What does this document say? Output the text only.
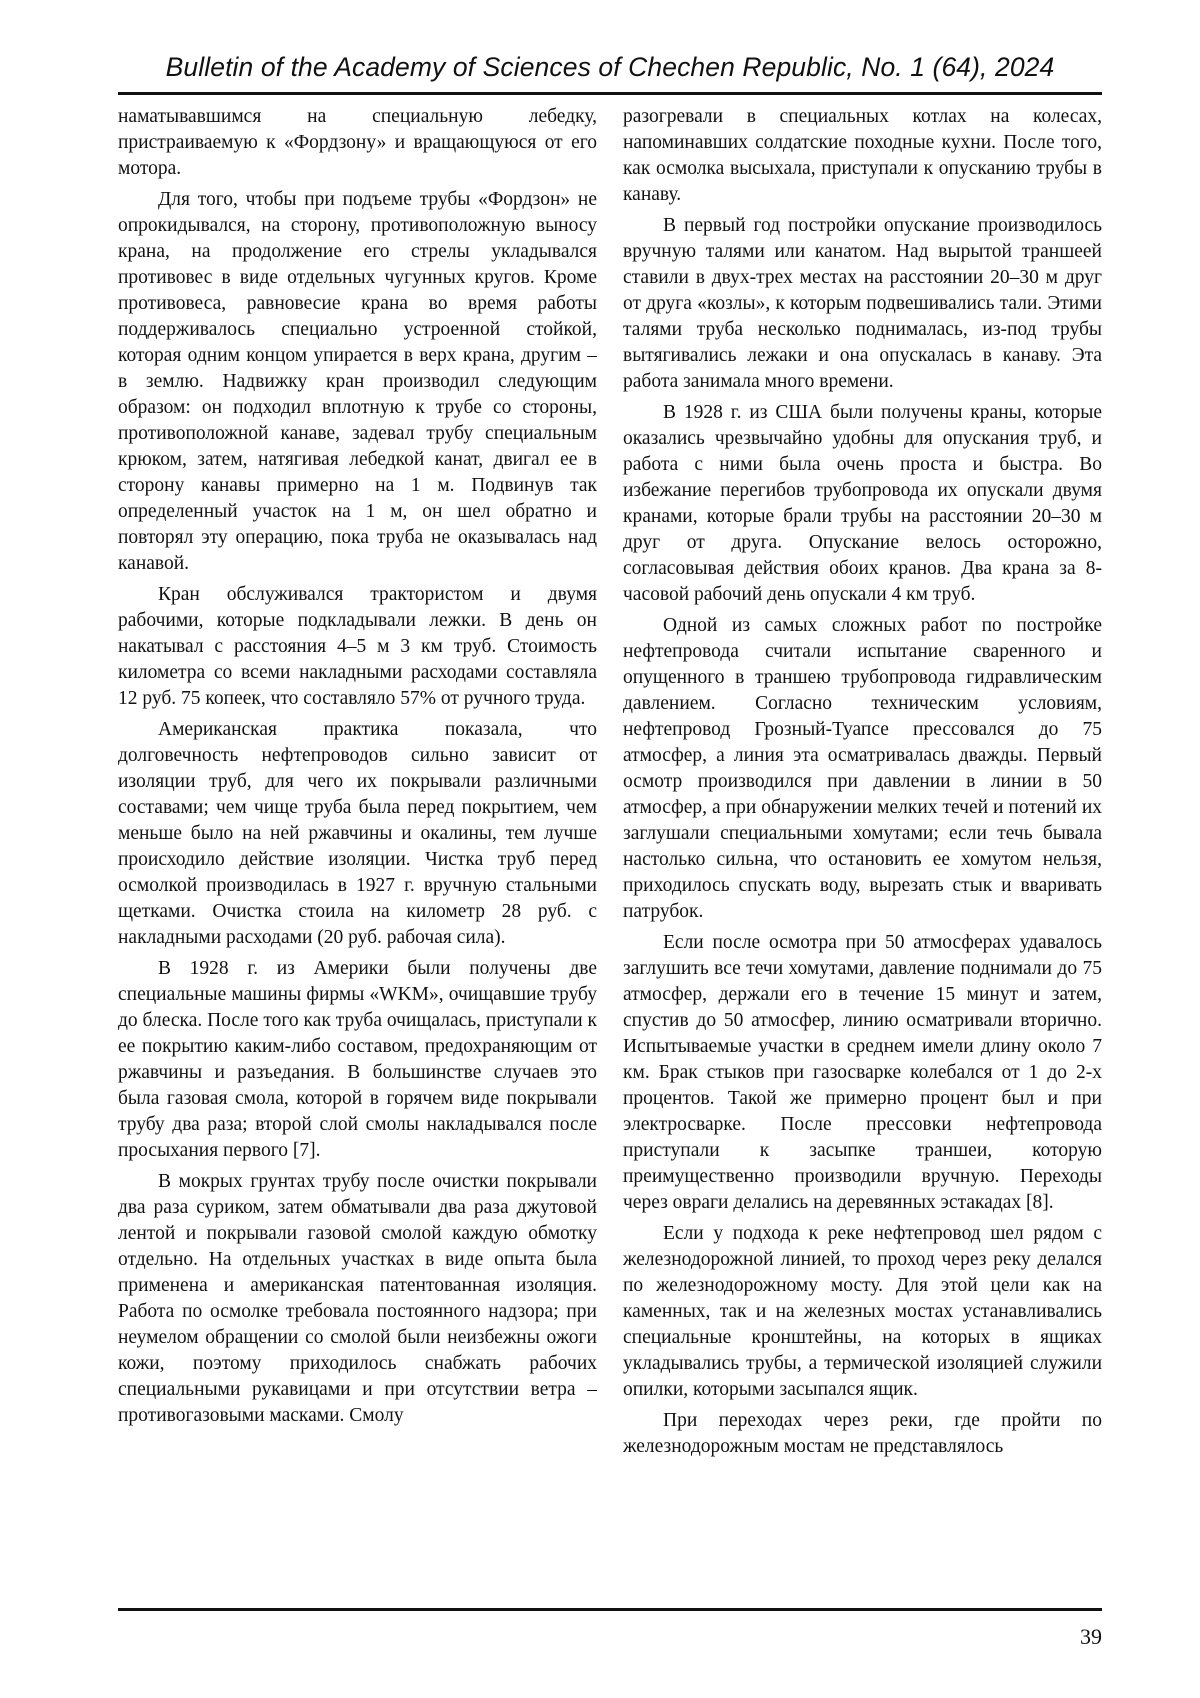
Bulletin of the Academy of Sciences of Chechen Republic, No. 1 (64), 2024

наматывавшимся на специальную лебедку, пристраиваемую к «Фордзону» и вращающуюся от его мотора.

Для того, чтобы при подъеме трубы «Фордзон» не опрокидывался, на сторону, противоположную выносу крана, на продолжение его стрелы укладывался противовес в виде отдельных чугунных кругов. Кроме противовеса, равновесие крана во время работы поддерживалось специально устроенной стойкой, которая одним концом упирается в верх крана, другим – в землю. Надвижку кран производил следующим образом: он подходил вплотную к трубе со стороны, противоположной канаве, задевал трубу специальным крюком, затем, натягивая лебедкой канат, двигал ее в сторону канавы примерно на 1 м. Подвинув так определенный участок на 1 м, он шел обратно и повторял эту операцию, пока труба не оказывалась над канавой.

Кран обслуживался трактористом и двумя рабочими, которые подкладывали лежки. В день он накатывал с расстояния 4–5 м 3 км труб. Стоимость километра со всеми накладными расходами составляла 12 руб. 75 копеек, что составляло 57% от ручного труда.

Американская практика показала, что долговечность нефтепроводов сильно зависит от изоляции труб, для чего их покрывали различными составами; чем чище труба была перед покрытием, чем меньше было на ней ржавчины и окалины, тем лучше происходило действие изоляции. Чистка труб перед осмолкой производилась в 1927 г. вручную стальными щетками. Очистка стоила на километр 28 руб. с накладными расходами (20 руб. рабочая сила).

В 1928 г. из Америки были получены две специальные машины фирмы «WKM», очищавшие трубу до блеска. После того как труба очищалась, приступали к ее покрытию каким-либо составом, предохраняющим от ржавчины и разъедания. В большинстве случаев это была газовая смола, которой в горячем виде покрывали трубу два раза; второй слой смолы накладывался после просыхания первого [7].

В мокрых грунтах трубу после очистки покрывали два раза суриком, затем обматывали два раза джутовой лентой и покрывали газовой смолой каждую обмотку отдельно. На отдельных участках в виде опыта была применена и американская патентованная изоляция. Работа по осмолке требовала постоянного надзора; при неумелом обращении со смолой были неизбежны ожоги кожи, поэтому приходилось снабжать рабочих специальными рукавицами и при отсутствии ветра – противогазовыми масками. Смолу

разогревали в специальных котлах на колесах, напоминавших солдатские походные кухни. После того, как осмолка высыхала, приступали к опусканию трубы в канаву.

В первый год постройки опускание производилось вручную талями или канатом. Над вырытой траншеей ставили в двух-трех местах на расстоянии 20–30 м друг от друга «козлы», к которым подвешивались тали. Этими талями труба несколько поднималась, из-под трубы вытягивались лежаки и она опускалась в канаву. Эта работа занимала много времени.

В 1928 г. из США были получены краны, которые оказались чрезвычайно удобны для опускания труб, и работа с ними была очень проста и быстра. Во избежание перегибов трубопровода их опускали двумя кранами, которые брали трубы на расстоянии 20–30 м друг от друга. Опускание велось осторожно, согласовывая действия обоих кранов. Два крана за 8-часовой рабочий день опускали 4 км труб.

Одной из самых сложных работ по постройке нефтепровода считали испытание сваренного и опущенного в траншею трубопровода гидравлическим давлением. Согласно техническим условиям, нефтепровод Грозный-Туапсе прессовался до 75 атмосфер, а линия эта осматривалась дважды. Первый осмотр производился при давлении в линии в 50 атмосфер, а при обнаружении мелких течей и потений их заглушали специальными хомутами; если течь бывала настолько сильна, что остановить ее хомутом нельзя, приходилось спускать воду, вырезать стык и вваривать патрубок.

Если после осмотра при 50 атмосферах удавалось заглушить все течи хомутами, давление поднимали до 75 атмосфер, держали его в течение 15 минут и затем, спустив до 50 атмосфер, линию осматривали вторично. Испытываемые участки в среднем имели длину около 7 км. Брак стыков при газосварке колебался от 1 до 2-х процентов. Такой же примерно процент был и при электросварке. После прессовки нефтепровода приступали к засыпке траншеи, которую преимущественно производили вручную. Переходы через овраги делались на деревянных эстакадах [8].

Если у подхода к реке нефтепровод шел рядом с железнодорожной линией, то проход через реку делался по железнодорожному мосту. Для этой цели как на каменных, так и на железных мостах устанавливались специальные кронштейны, на которых в ящиках укладывались трубы, а термической изоляцией служили опилки, которыми засыпался ящик.

При переходах через реки, где пройти по железнодорожным мостам не представлялось

39
